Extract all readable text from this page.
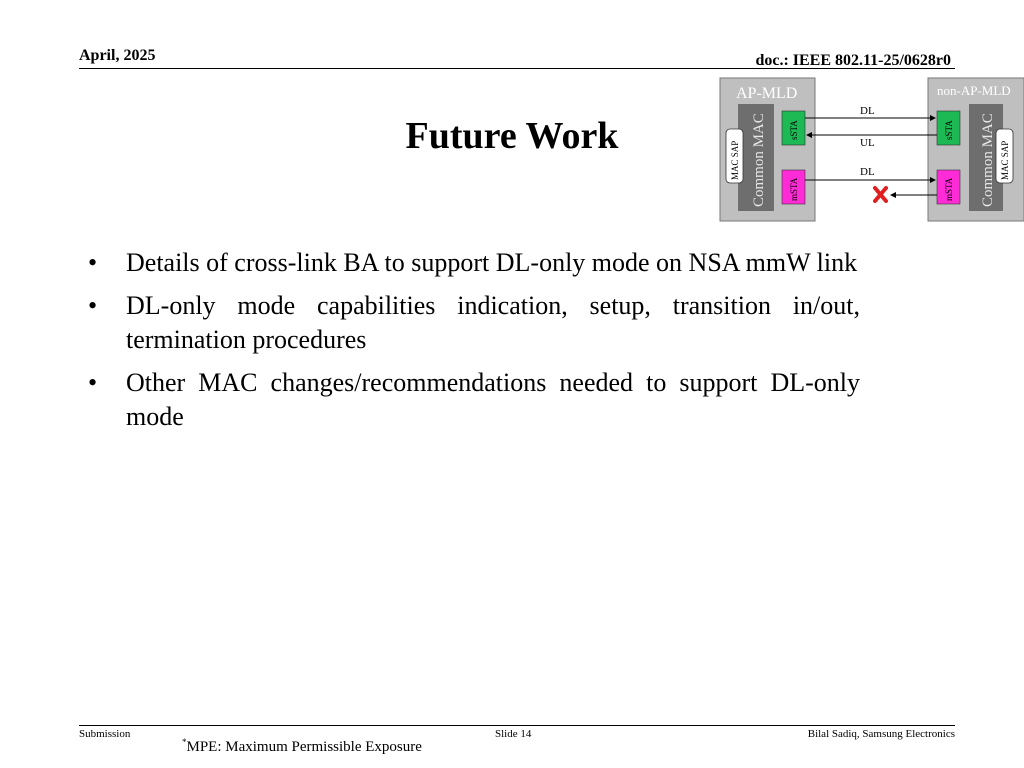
April, 2025	doc.: IEEE 802.11-25/0628r0
Future Work
• Details of cross-link BA to support DL-only mode on NSA mmW link
• DL-only mode capabilities indication, setup, transition in/out, termination procedures
• Other MAC changes/recommendations needed to support DL-only mode
AP-MLD
Common MAC
MAC SAP
sSTA
mSTA
non-AP-MLD
Common MAC MAC SAP
sSTA
mSTA
DL
UL
DL
Submission	Slide 14	Bilal Sadiq, Samsung Electronics
*MPE: Maximum Permissible Exposure
